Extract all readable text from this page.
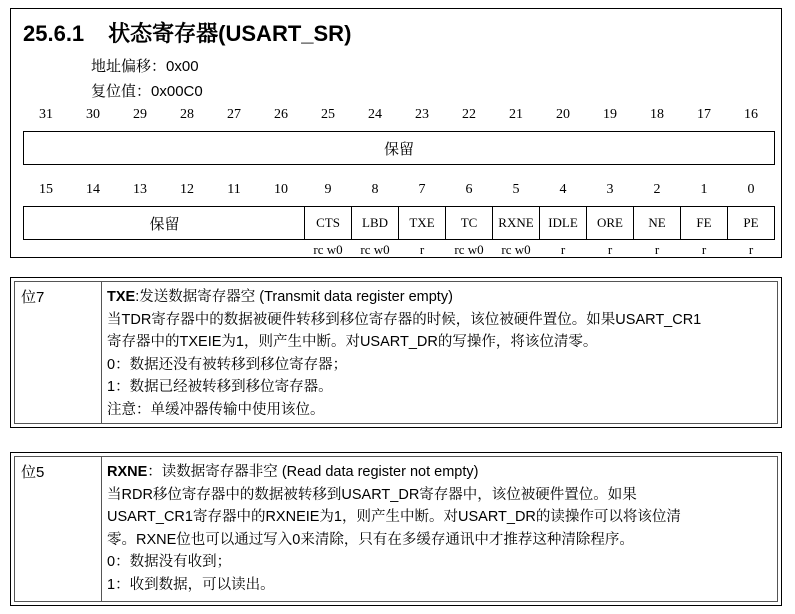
25.6.1 状态寄存器(USART_SR)
地址偏移：0x00
复位值：0x00C0
31	30	29	28	27	26	25	24	23	22	21	20	19	18	17	16
保留
15	14	13	12	11	10	9	8	7	6	5	4	3	2	1	0
保留	CTS LBD TXE TC RXNE IDLE ORE NE FE PE
rc w0	rc w0	r	rc w0	rc w0	r	r	r	r	r
位7	TXE:发送数据寄存器空 (Transmit data register empty)

当TDR寄存器中的数据被硬件转移到移位寄存器的时候，该位被硬件置位。如果USART_CR1

寄存器中的TXEIE为1，则产生中断。对USART_DR的写操作，将该位清零。

0：数据还没有被转移到移位寄存器；

1：数据已经被转移到移位寄存器。

注意：单缓冲器传输中使用该位。

位5	RXNE：读数据寄存器非空 (Read data register not empty)

当RDR移位寄存器中的数据被转移到USART_DR寄存器中，该位被硬件置位。如果

USART_CR1寄存器中的RXNEIE为1，则产生中断。对USART_DR的读操作可以将该位清

零。RXNE位也可以通过写入0来清除，只有在多缓存通讯中才推荐这种清除程序。

0：数据没有收到；

1：收到数据，可以读出。
